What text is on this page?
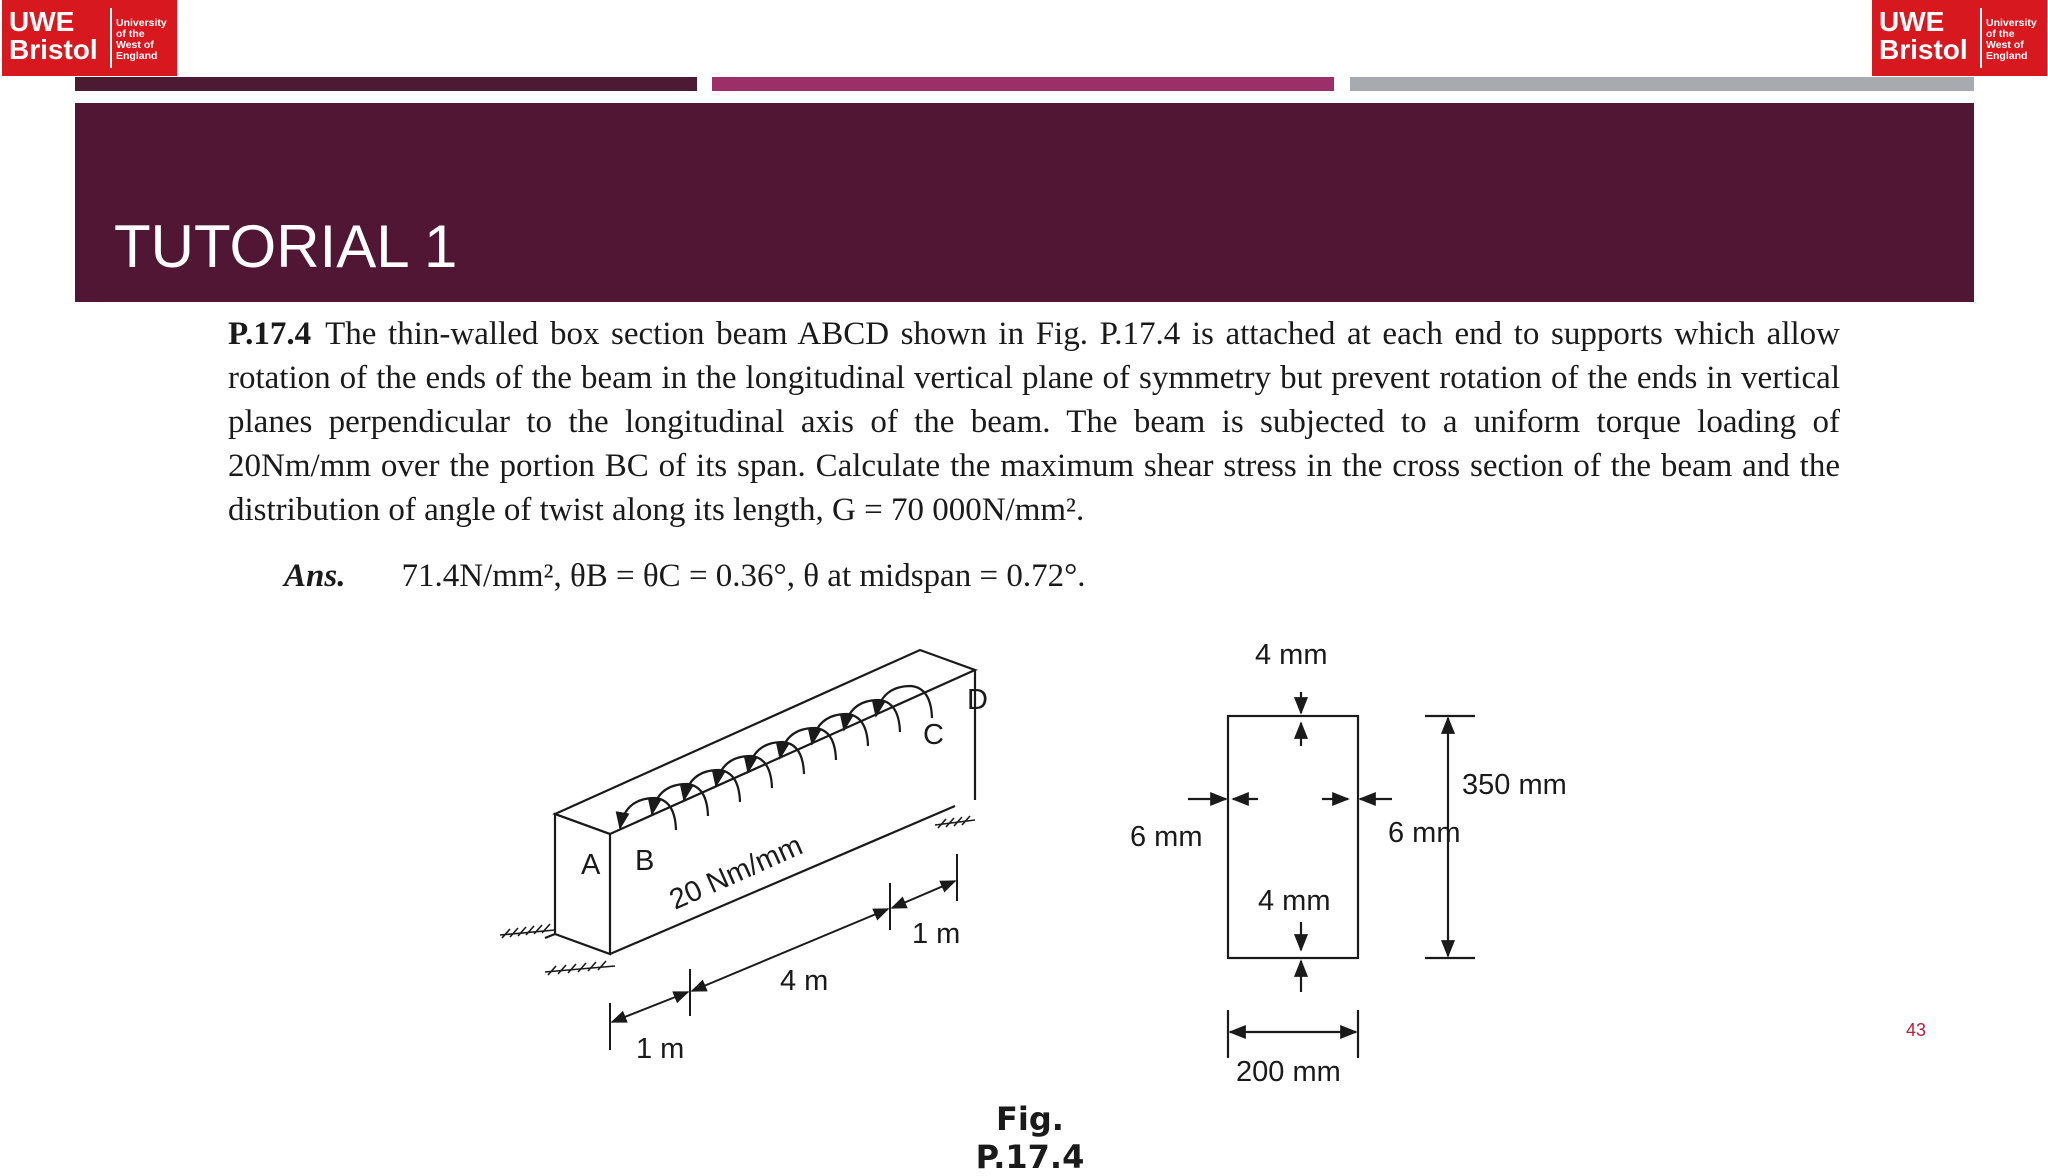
UWE
Bristol
University
of the
West of
England
UWE
Bristol
University
of the
West of
England
TUTORIAL 1

P.17.4 The thin-walled box section beam ABCD shown in Fig. P.17.4 is attached at each end to supports which allow rotation of the ends of the beam in the longitudinal vertical plane of symmetry but prevent rotation of the ends in vertical planes perpendicular to the longitudinal axis of the beam. The beam is subjected to a uniform torque loading of 20Nm/mm over the portion BC of its span. Calculate the maximum shear stress in the cross section of the beam and the distribution of angle of twist along its length, G = 70 000N/mm².

Ans. 71.4N/mm², θB = θC = 0.36°, θ at midspan = 0.72°.

A B
C
D
20 Nm/mm
1 m
4 m
1 m
4 mm
350 mm
6 mm	6 mm
4 mm
200 mm

Fig. P.17.4

43
